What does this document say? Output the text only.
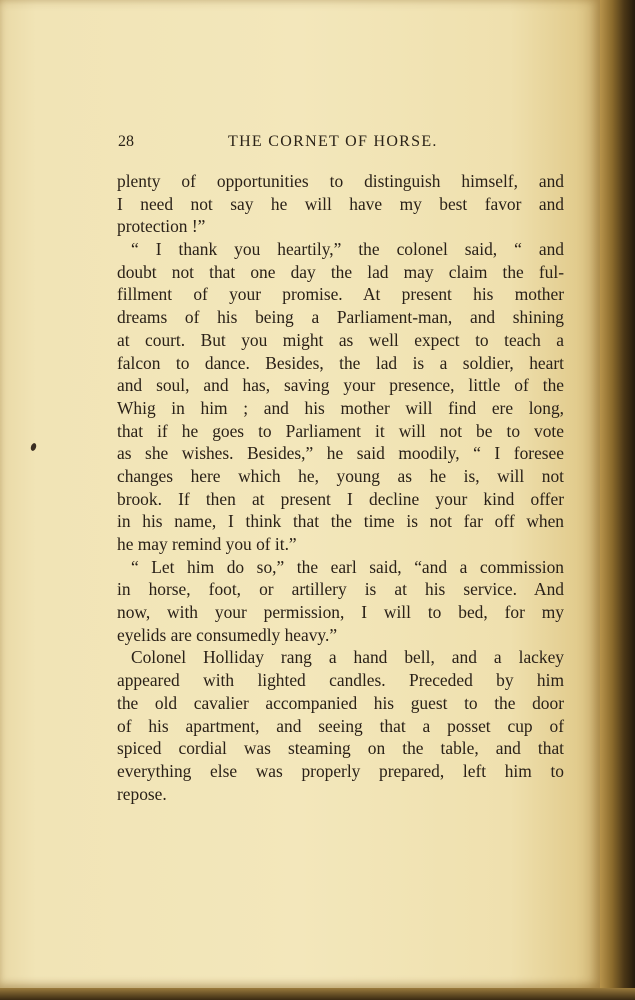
28	THE CORNET OF HORSE.
plenty of opportunities to distinguish himself, and
I need not say he will have my best favor and
protection !”
“ I thank you heartily,” the colonel said, “ and
doubt not that one day the lad may claim the ful-
fillment of your promise. At present his mother
dreams of his being a Parliament-man, and shining
at court. But you might as well expect to teach a
falcon to dance. Besides, the lad is a soldier, heart
and soul, and has, saving your presence, little of the
Whig in him ; and his mother will find ere long,
that if he goes to Parliament it will not be to vote
as she wishes. Besides,” he said moodily, “ I foresee
changes here which he, young as he is, will not
brook. If then at present I decline your kind offer
in his name, I think that the time is not far off when
he may remind you of it.”
“ Let him do so,” the earl said, “and a commission
in horse, foot, or artillery is at his service. And
now, with your permission, I will to bed, for my
eyelids are consumedly heavy.”
Colonel Holliday rang a hand bell, and a lackey
appeared with lighted candles. Preceded by him
the old cavalier accompanied his guest to the door
of his apartment, and seeing that a posset cup of
spiced cordial was steaming on the table, and that
everything else was properly prepared, left him to
repose.
